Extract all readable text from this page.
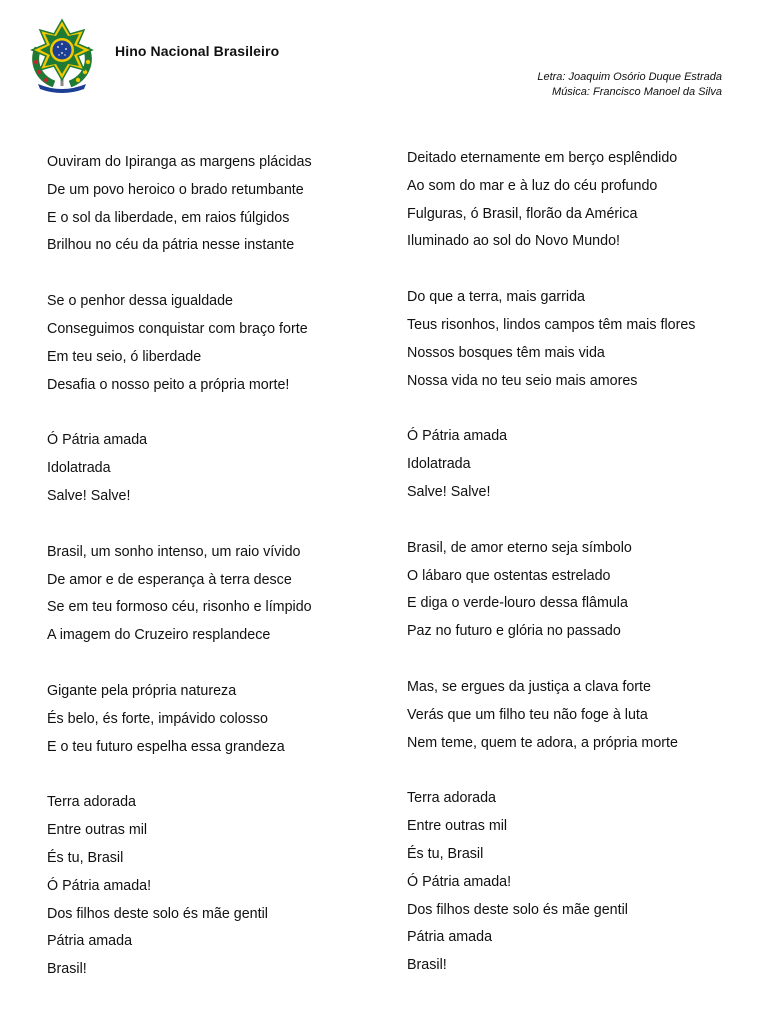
Hino Nacional Brasileiro
Letra: Joaquim Osório Duque Estrada
Música: Francisco Manoel da Silva
Ouviram do Ipiranga as margens plácidas
De um povo heroico o brado retumbante
E o sol da liberdade, em raios fúlgidos
Brilhou no céu da pátria nesse instante
Se o penhor dessa igualdade
Conseguimos conquistar com braço forte
Em teu seio, ó liberdade
Desafia o nosso peito a própria morte!
Ó Pátria amada
Idolatrada
Salve! Salve!
Brasil, um sonho intenso, um raio vívido
De amor e de esperança à terra desce
Se em teu formoso céu, risonho e límpido
A imagem do Cruzeiro resplandece
Gigante pela própria natureza
És belo, és forte, impávido colosso
E o teu futuro espelha essa grandeza
Terra adorada
Entre outras mil
És tu, Brasil
Ó Pátria amada!
Dos filhos deste solo és mãe gentil
Pátria amada
Brasil!
Deitado eternamente em berço esplêndido
Ao som do mar e à luz do céu profundo
Fulguras, ó Brasil, florão da América
Iluminado ao sol do Novo Mundo!
Do que a terra, mais garrida
Teus risonhos, lindos campos têm mais flores
Nossos bosques têm mais vida
Nossa vida no teu seio mais amores
Ó Pátria amada
Idolatrada
Salve! Salve!
Brasil, de amor eterno seja símbolo
O lábaro que ostentas estrelado
E diga o verde-louro dessa flâmula
Paz no futuro e glória no passado
Mas, se ergues da justiça a clava forte
Verás que um filho teu não foge à luta
Nem teme, quem te adora, a própria morte
Terra adorada
Entre outras mil
És tu, Brasil
Ó Pátria amada!
Dos filhos deste solo és mãe gentil
Pátria amada
Brasil!
